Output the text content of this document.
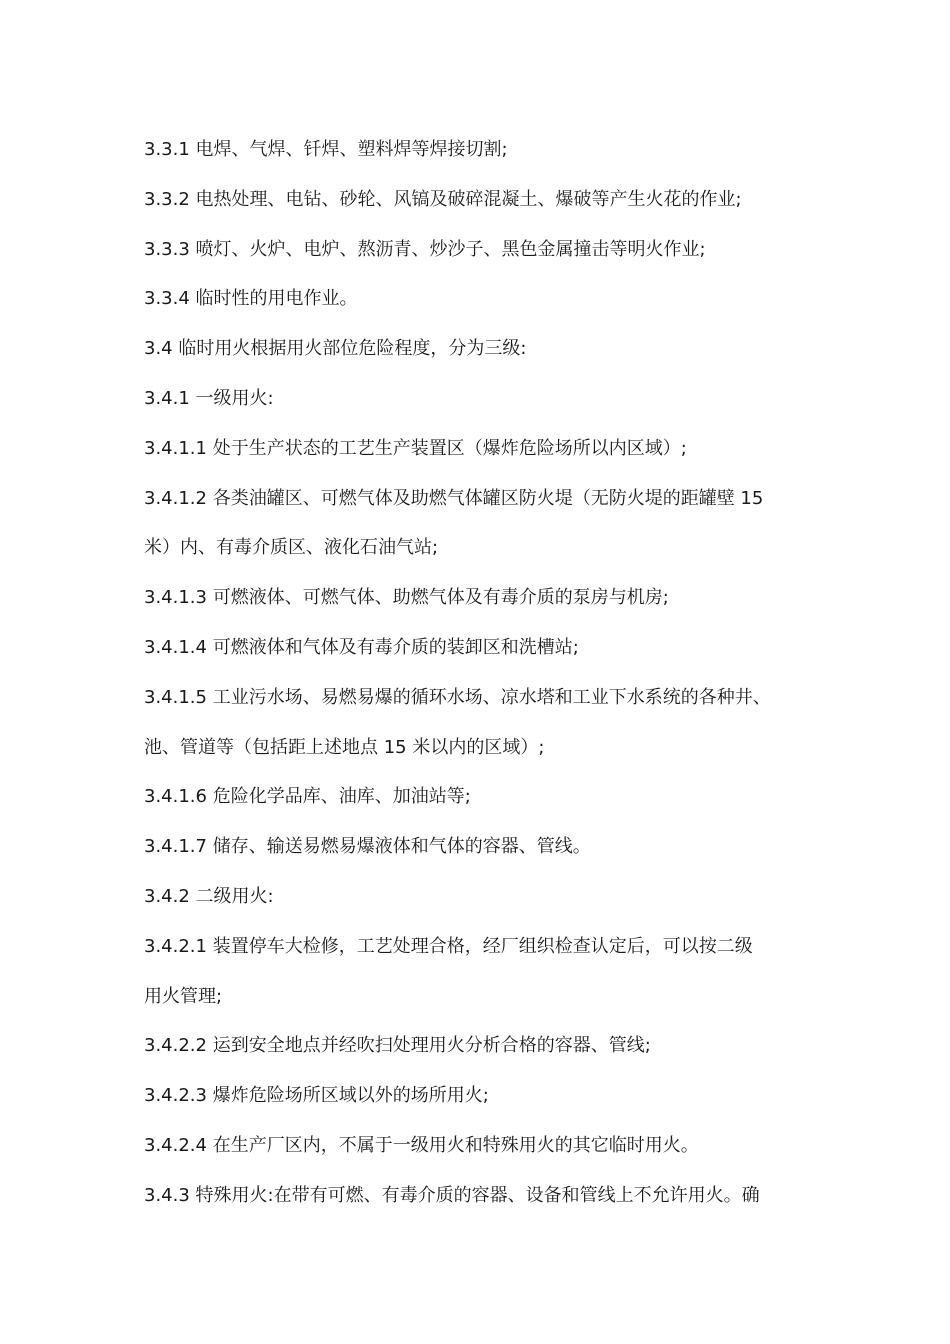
3.3.1 电焊、气焊、钎焊、塑料焊等焊接切割;
3.3.2 电热处理、电钻、砂轮、风镐及破碎混凝土、爆破等产生火花的作业;
3.3.3 喷灯、火炉、电炉、熬沥青、炒沙子、黑色金属撞击等明火作业;
3.3.4 临时性的用电作业。
3.4 临时用火根据用火部位危险程度，分为三级:
3.4.1 一级用火:
3.4.1.1 处于生产状态的工艺生产装置区（爆炸危险场所以内区域）;
3.4.1.2 各类油罐区、可燃气体及助燃气体罐区防火堤（无防火堤的距罐壁 15
米）内、有毒介质区、液化石油气站;
3.4.1.3 可燃液体、可燃气体、助燃气体及有毒介质的泵房与机房;
3.4.1.4 可燃液体和气体及有毒介质的装卸区和洗槽站;
3.4.1.5 工业污水场、易燃易爆的循环水场、凉水塔和工业下水系统的各种井、
池、管道等（包括距上述地点 15 米以内的区域）;
3.4.1.6 危险化学品库、油库、加油站等;
3.4.1.7 储存、输送易燃易爆液体和气体的容器、管线。
3.4.2 二级用火:
3.4.2.1 装置停车大检修，工艺处理合格，经厂组织检查认定后，可以按二级
用火管理;
3.4.2.2 运到安全地点并经吹扫处理用火分析合格的容器、管线;
3.4.2.3 爆炸危险场所区域以外的场所用火;
3.4.2.4 在生产厂区内，不属于一级用火和特殊用火的其它临时用火。
3.4.3 特殊用火:在带有可燃、有毒介质的容器、设备和管线上不允许用火。确
